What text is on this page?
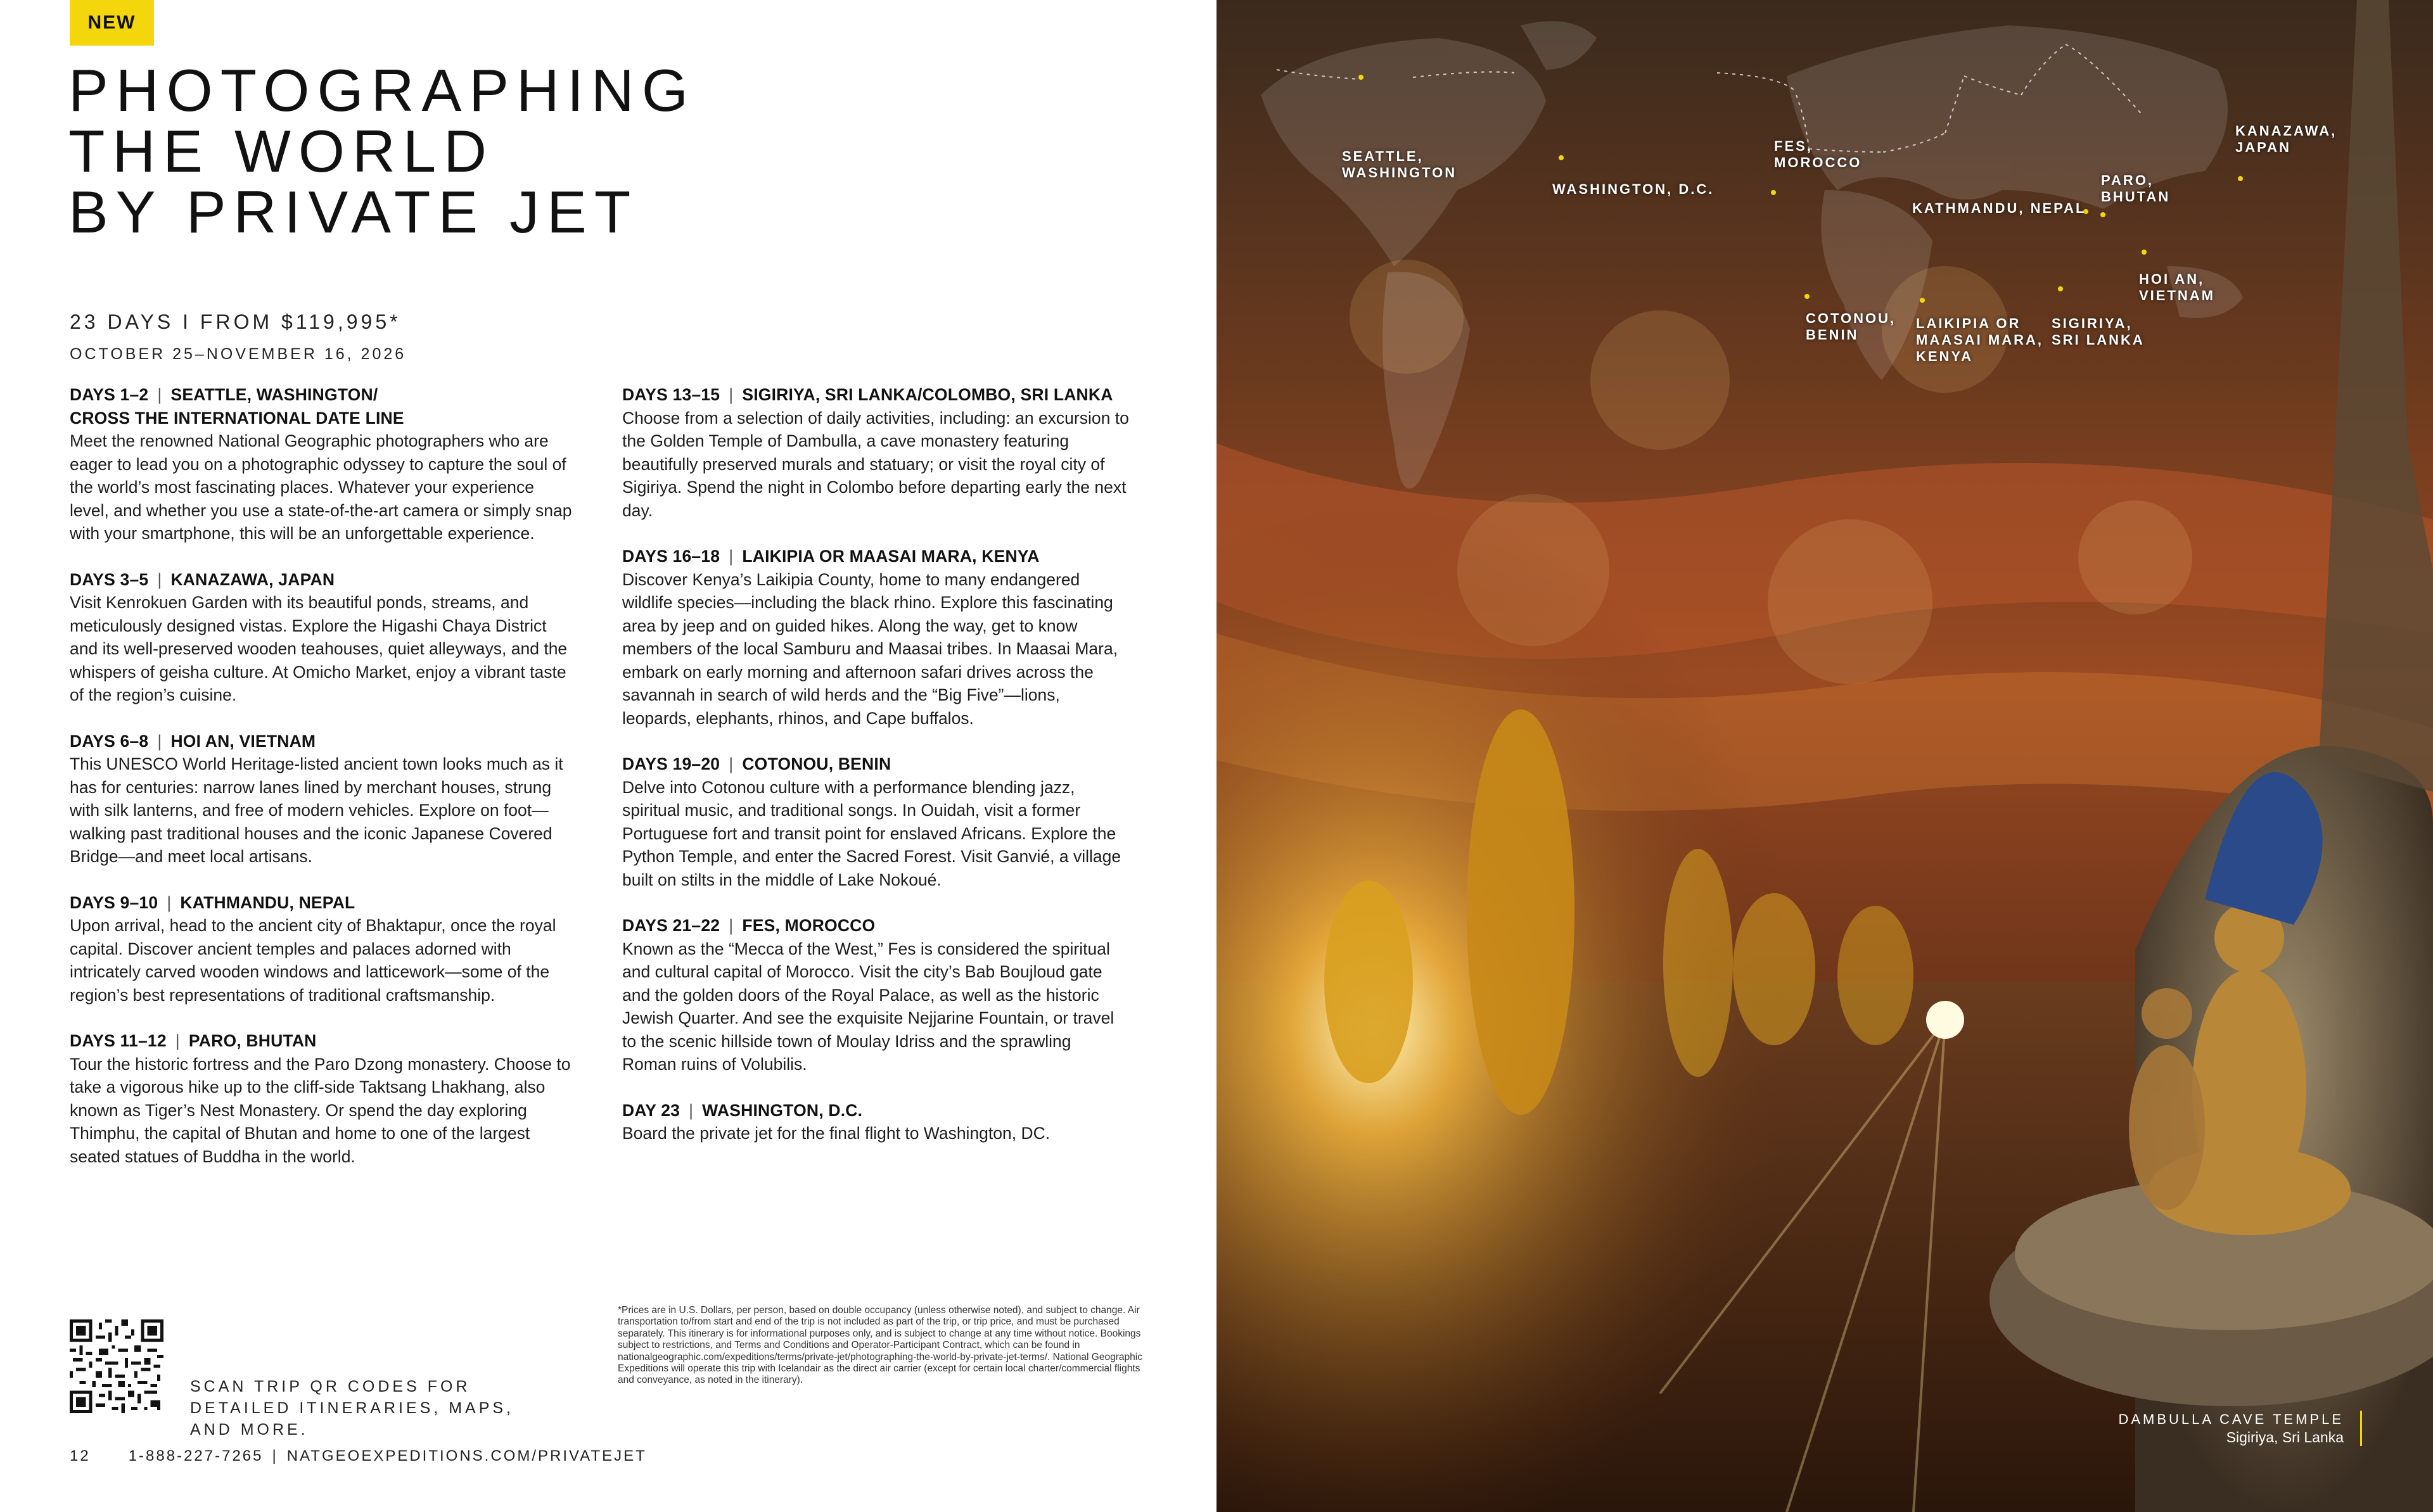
NEW
PHOTOGRAPHING
THE WORLD
BY PRIVATE JET
23 DAYS I FROM $119,995*
OCTOBER 25–NOVEMBER 16, 2026
DAYS 1–2 | SEATTLE, WASHINGTON/
CROSS THE INTERNATIONAL DATE LINE

Meet the renowned National Geographic photographers who are eager to lead you on a photographic odyssey to capture the soul of the world’s most fascinating places. Whatever your experience level, and whether you use a state-of-the-art camera or simply snap with your smartphone, this will be an unforgettable experience.

DAYS 3–5 | KANAZAWA, JAPAN

Visit Kenrokuen Garden with its beautiful ponds, streams, and meticulously designed vistas. Explore the Higashi Chaya District and its well-preserved wooden teahouses, quiet alleyways, and the whispers of geisha culture. At Omicho Market, enjoy a vibrant taste of the region’s cuisine.

DAYS 6–8 | HOI AN, VIETNAM

This UNESCO World Heritage-listed ancient town looks much as it has for centuries: narrow lanes lined by merchant houses, strung with silk lanterns, and free of modern vehicles. Explore on foot—walking past traditional houses and the iconic Japanese Covered Bridge—and meet local artisans.

DAYS 9–10 | KATHMANDU, NEPAL

Upon arrival, head to the ancient city of Bhaktapur, once the royal capital. Discover ancient temples and palaces adorned with intricately carved wooden windows and latticework—some of the region’s best representations of traditional craftsmanship.

DAYS 11–12 | PARO, BHUTAN

Tour the historic fortress and the Paro Dzong monastery. Choose to take a vigorous hike up to the cliff-side Taktsang Lhakhang, also known as Tiger’s Nest Monastery. Or spend the day exploring Thimphu, the capital of Bhutan and home to one of the largest seated statues of Buddha in the world.

DAYS 13–15 | SIGIRIYA, SRI LANKA/COLOMBO, SRI LANKA

Choose from a selection of daily activities, including: an excursion to the Golden Temple of Dambulla, a cave monastery featuring beautifully preserved murals and statuary; or visit the royal city of Sigiriya. Spend the night in Colombo before departing early the next day.

DAYS 16–18 | LAIKIPIA OR MAASAI MARA, KENYA

Discover Kenya’s Laikipia County, home to many endangered wildlife species—including the black rhino. Explore this fascinating area by jeep and on guided hikes. Along the way, get to know members of the local Samburu and Maasai tribes. In Maasai Mara, embark on early morning and afternoon safari drives across the savannah in search of wild herds and the “Big Five”—lions, leopards, elephants, rhinos, and Cape buffalos.

DAYS 19–20 | COTONOU, BENIN

Delve into Cotonou culture with a performance blending jazz, spiritual music, and traditional songs. In Ouidah, visit a former Portuguese fort and transit point for enslaved Africans. Explore the Python Temple, and enter the Sacred Forest. Visit Ganvié, a village built on stilts in the middle of Lake Nokoué.

DAYS 21–22 | FES, MOROCCO

Known as the “Mecca of the West,” Fes is considered the spiritual and cultural capital of Morocco. Visit the city’s Bab Boujloud gate and the golden doors of the Royal Palace, as well as the historic Jewish Quarter. And see the exquisite Nejjarine Fountain, or travel to the scenic hillside town of Moulay Idriss and the sprawling Roman ruins of Volubilis.

DAY 23 | WASHINGTON, D.C.

Board the private jet for the final flight to Washington, DC.

SCAN TRIP QR CODES FOR DETAILED ITINERARIES, MAPS, AND MORE.

*Prices are in U.S. Dollars, per person, based on double occupancy (unless otherwise noted), and subject to change. Air transportation to/from start and end of the trip is not included as part of the trip, or trip price, and must be purchased separately. This itinerary is for informational purposes only, and is subject to change at any time without notice. Bookings subject to restrictions, and Terms and Conditions and Operator-Participant Contract, which can be found in nationalgeographic.com/expeditions/terms/private-jet/photographing-the-world-by-private-jet-terms/. National Geographic Expeditions will operate this trip with Icelandair as the direct air carrier (except for certain local charter/commercial flights and conveyance, as noted in the itinerary).

12	1-888-227-7265 | NATGEOEXPEDITIONS.COM/PRIVATEJET
SEATTLE,
WASHINGTON
WASHINGTON, D.C.
FES,
MOROCCO
KATHMANDU, NEPAL
PARO,
BHUTAN
KANAZAWA,
JAPAN
HOI AN,
VIETNAM
COTONOU,
BENIN
LAIKIPIA OR
MAASAI MARA,
KENYA
SIGIRIYA,
SRI LANKA
DAMBULLA CAVE TEMPLE
Sigiriya, Sri Lanka
